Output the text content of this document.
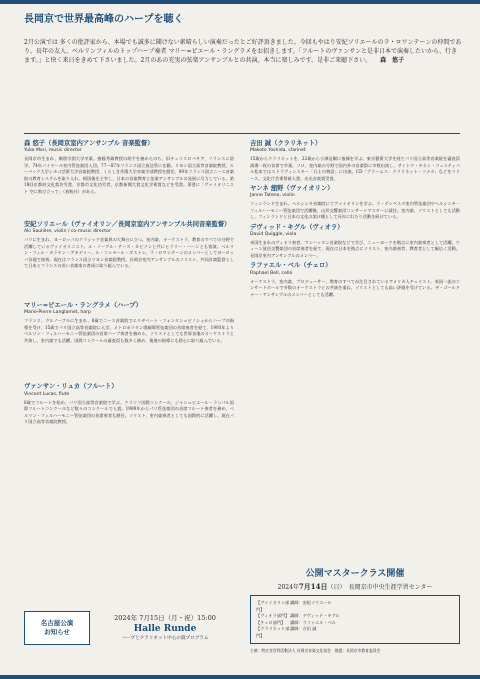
長岡京で世界最高峰のハープを聴く

2月公演では 多くの批評家から、本場でも誠多に聞けない素晴らしい演奏だったとご好評頂きました。今回もやはり安紀ソリエールのラ・ロワンテーンの仲間であり、長年の友人、ベルリンフィルのトップハープ奏者 マリー=ピエール・ラングラメをお招きします。「フルートのヴァンサンと是非日本で演奏したいから、行きます。」と快く来日をきめて下さいました。2月のあの充実の弦楽アンサンブルとの共演、本当に楽しみです。是非ご来聴下さい。　　 森　悠子

森 悠子（長岡京室内アンサンブル 音楽監督）
Yuko Mori, music director

長岡京市生まれ、桐朋学園大学卒業。齋藤秀雄教授の助手を務めたのち、旧チェコスロバキア、フランスに留学。74年パイヤール室内管弦楽団入団。77〜87年フランス国立放送管に在籍。リヨン国立高等音楽院教授、ルーバック大学シカゴ芸術大学音楽院教授、くらしき作陽大学音楽学部教授を歴任。89年フランス国立ニース音楽院の教育システムを取り入れ、帰国後を主宰し、日本の音楽教育と弦楽アンサンブルの発展に尽力している。第18回京都府文化賞功労賞、京都市文化功労者、京都新聞大賞文化学術賞などを受賞。著書に「ヴァイオリニスト 空に飛び立って」（春秋社）がある。

安紀ソリエール（ヴァイオリン／長岡京室内アンサンブル共同音楽監督）
Aki Saulière, violin / co-music director

パリに生まれ、ヨーロッパのクラシック音楽界の大舞台に立つ。室内楽、オーケストラ、教育のすべての分野で活躍しているヴァイオリニスト。ル・ノーブル・テーズ・カピソンと共にヒラリー・ハーンとも協演。ベルリン・フィル・カラヤン・アカデミー、ル・コンセール・ダストレ、ラ・ロワンテーンのメンバーとしてヨーロッパ各地で演奏。現在はフランス国立リヨン音楽院教授。長岡京室内アンサンブルのソリスト、共同音楽監督として日本とフランスの若い音楽家の育成に取り組んでいる。

マリー=ピエール・ラングラメ（ハープ）
Marie-Pierre Langlamet, harp

フランス、グルノーブルに生まれ、8歳でニース音楽院でエリザベート・フォンタン＝ビノショからハープの指導を受け、15歳でパリ国立高等音楽院に入学。メトロポリタン歌劇場管弦楽団の首席奏者を経て、1993年よりベルリン・フィルハーモニー管弦楽団の首席ハープ奏者を務める。ソリストとしても世界各地のオーケストラと共演し、室内楽でも活躍。国際コンクールの審査員も数多く務め、後進の指導にも熱心に取り組んでいる。

ヴァンサン・リュカ（フルート）
Vincent Lucas, flute

8歳でフルートを始め、パリ国立高等音楽院で学ぶ。クラコフ国際コンクール、ジャン＝ピエール・ランパル国際フルートコンクールなど数々のコンクールで入賞。1989年からパリ管弦楽団の首席フルート奏者を務め、ベルリン・フィルハーモニー管弦楽団の首席奏者も歴任。ソリスト、室内楽奏者としても国際的に活躍し、現在パリ国立高等音楽院教授。

吉田 誠（クラリネット）
Makoto Yoshida, clarinet

15歳からクラリネットを、22歳から小澤征爾に指揮を学ぶ。東京藝術大学を経てパリ国立高等音楽院を審査員満場一致の首席で卒業。ソロ、室内楽の分野で国内外の音楽祭に多数出演し、サイトウ・キネン・フェスティバル松本ではストラヴィンスキー「兵士の物語」に出演。CD「ブラームス：クラリネット・ソナタ」などをリリース。文化庁芸術祭新人賞、出光音楽賞受賞。

ヤンネ 舘野（ヴァイオリン）
Janne Tateno, violin

フィンランド生まれ。ヘルシンキ音楽院にてヴァイオリンを学ぶ。ラ・テンペスタ室内管弦楽団やヘルシンキ・フィルハーモニー管弦楽団で活躍後、山形交響楽団コンサートマスターに就任。室内楽、ソリストとしても活動し、フィンランドと日本の文化の架け橋として長年にわたり活動を続けている。

デヴィッド・キグル（ヴィオラ）
David Quiggle, viola

米国生まれのヴィオラ奏者。マンハッタン音楽院などで学び、ニューヨークを拠点に室内楽奏者として活躍。ウィーン放送交響楽団の首席奏者を経て、現在は日本を拠点にソリスト、室内楽奏者、教育者として幅広く活動。長岡京室内アンサンブルのメンバー。

ラファエル・ベル（チェロ）
Raphael Bell, cello

オーケストラ、室内楽、プロデューサー、教育のすべてが注目されているアメリカ人チェリスト。英国一流のコンサートホールで多数のオーケストラとの共演を重ね、ソリストとしても高い評価を受けている。ザ・ゴールドナー・アンサンブルのメンバーとしても活躍。

公開マスタークラス開催
2024年7月14日（日）　 長岡京市中央生涯学習センター
【ヴァイオリン部門】
講師：安紀ソリエール
【ヴィオラ部門】 講師：デヴィッド・キグル
【チェロ部門】	講師：ラファエル・ベル
【クラリネット部門】
講師：吉田 誠
主催：特定非営利活動法人 長岡京音楽文化協会　後援：長岡京市教育委員会
名古屋公演
お知らせ
2024年 7月15日（月・祝）15:00
Halle Runde
ハープとクラリネット中心の資プログラム
